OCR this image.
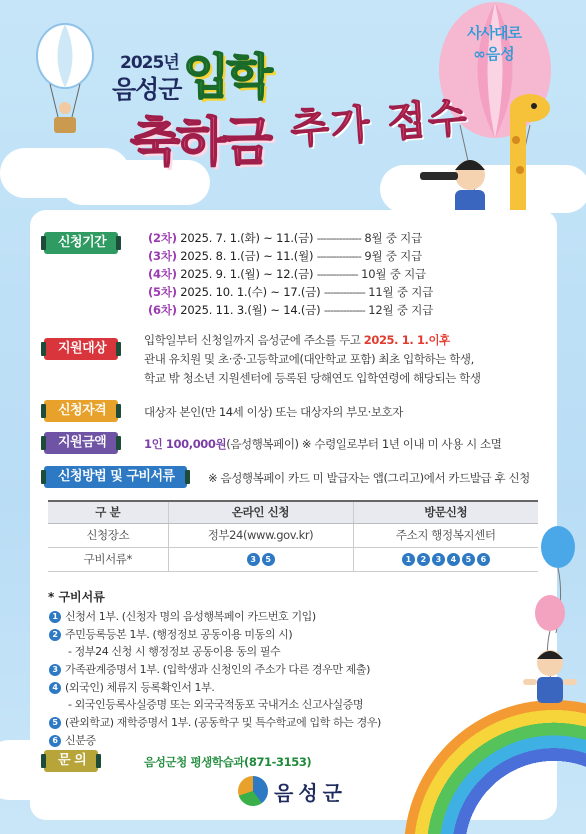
2025년
음성군 입학
축하금 추가 접수
사사대로
∞음성
신청기간	(2차) 2025. 7. 1.(화) ~ 11.(금) -------------- 8월 중 지급
(3차) 2025. 8. 1.(금) ~ 11.(월) -------------- 9월 중 지급
(4차) 2025. 9. 1.(월) ~ 12.(금) ------------- 10월 중 지급
(5차) 2025. 10. 1.(수) ~ 17.(금) ------------- 11월 중 지급
(6차) 2025. 11. 3.(월) ~ 14.(금) ------------- 12월 중 지급
지원대상
입학일부터 신청일까지 음성군에 주소를 두고 2025. 1. 1.이후
관내 유치원 및 초·중·고등학교에(대안학교 포함) 최초 입학하는 학생,
학교 밖 청소년 지원센터에 등록된 당해연도 입학연령에 해당되는 학생
신청자격	대상자 본인(만 14세 이상) 또는 대상자의 부모·보호자
지원금액	1인 100,000원(음성행복페이) ※ 수령일로부터 1년 이내 미 사용 시 소멸
신청방법 및 구비서류	※ 음성행복페이 카드 미 발급자는 앱(그리고)에서 카드발급 후 신청
구 분	온라인 신청	방문신청
신청장소	정부24(www.gov.kr)	주소지 행정복지센터
구비서류*	3 5	1 2 3 4 5 6
* 구비서류
1 신청서 1부. (신청자 명의 음성행복페이 카드번호 기입)
2 주민등록등본 1부. (행정정보 공동이용 미동의 시)
- 정부24 신청 시 행정정보 공동이용 동의 필수
3 가족관계증명서 1부. (입학생과 신청인의 주소가 다른 경우만 제출)
4 (외국인) 체류지 등록확인서 1부.
- 외국인등록사실증명 또는 외국국적동포 국내거소 신고사실증명
5 (관외학교) 재학증명서 1부. (공동학구 및 특수학교에 입학 하는 경우)
6 신분증
문 의	음성군청 평생학습과(871-3153)
음성군
